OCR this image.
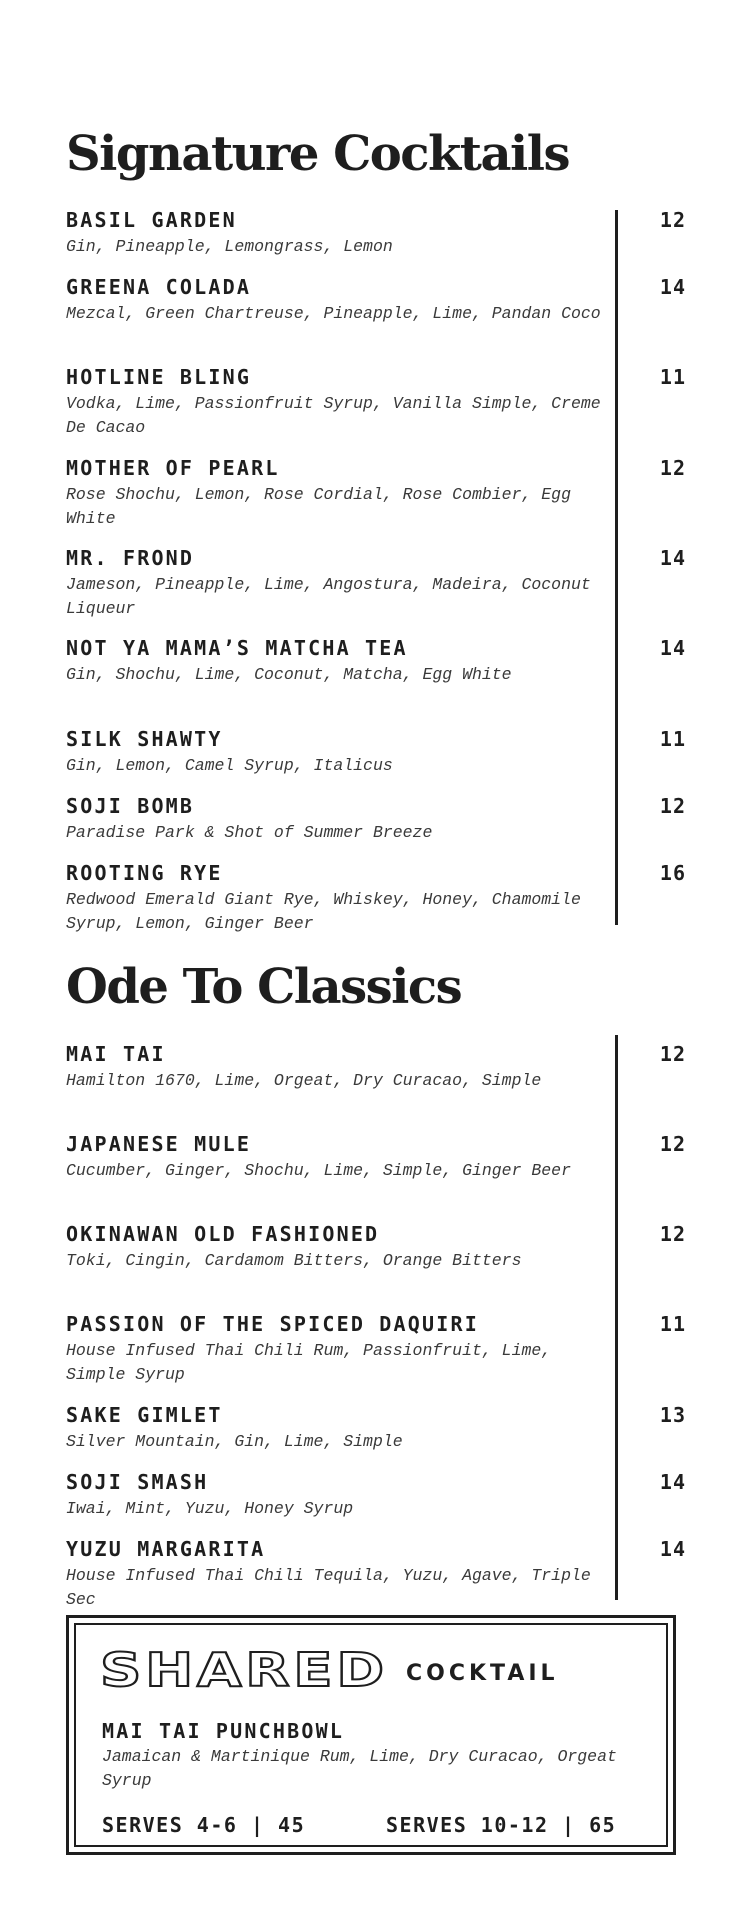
Signature Cocktails
BASIL GARDEN	12
Gin, Pineapple, Lemongrass, Lemon
GREENA COLADA	14
Mezcal, Green Chartreuse, Pineapple, Lime, Pandan Coco
HOTLINE BLING	11
Vodka, Lime, Passionfruit Syrup, Vanilla Simple, Creme De Cacao
MOTHER OF PEARL	12
Rose Shochu, Lemon, Rose Cordial, Rose Combier, Egg White
MR. FROND	14
Jameson, Pineapple, Lime, Angostura, Madeira, Coconut Liqueur
NOT YA MAMA’S MATCHA TEA	14
Gin, Shochu, Lime, Coconut, Matcha, Egg White
SILK SHAWTY	11
Gin, Lemon, Camel Syrup, Italicus
SOJI BOMB	12
Paradise Park & Shot of Summer Breeze
ROOTING RYE	16
Redwood Emerald Giant Rye, Whiskey, Honey, Chamomile Syrup, Lemon, Ginger Beer
Ode To Classics
MAI TAI	12
Hamilton 1670, Lime, Orgeat, Dry Curacao, Simple
JAPANESE MULE	12
Cucumber, Ginger, Shochu, Lime, Simple, Ginger Beer
OKINAWAN OLD FASHIONED	12
Toki, Cingin, Cardamom Bitters, Orange Bitters
PASSION OF THE SPICED DAQUIRI	11
House Infused Thai Chili Rum, Passionfruit, Lime, Simple Syrup
SAKE GIMLET	13
Silver Mountain, Gin, Lime, Simple
SOJI SMASH	14
Iwai, Mint, Yuzu, Honey Syrup
YUZU MARGARITA	14
House Infused Thai Chili Tequila, Yuzu, Agave, Triple Sec
SHARED COCKTAIL
MAI TAI PUNCHBOWL
Jamaican & Martinique Rum, Lime, Dry Curacao, Orgeat Syrup
SERVES 4-6 | 45	SERVES 10-12 | 65
